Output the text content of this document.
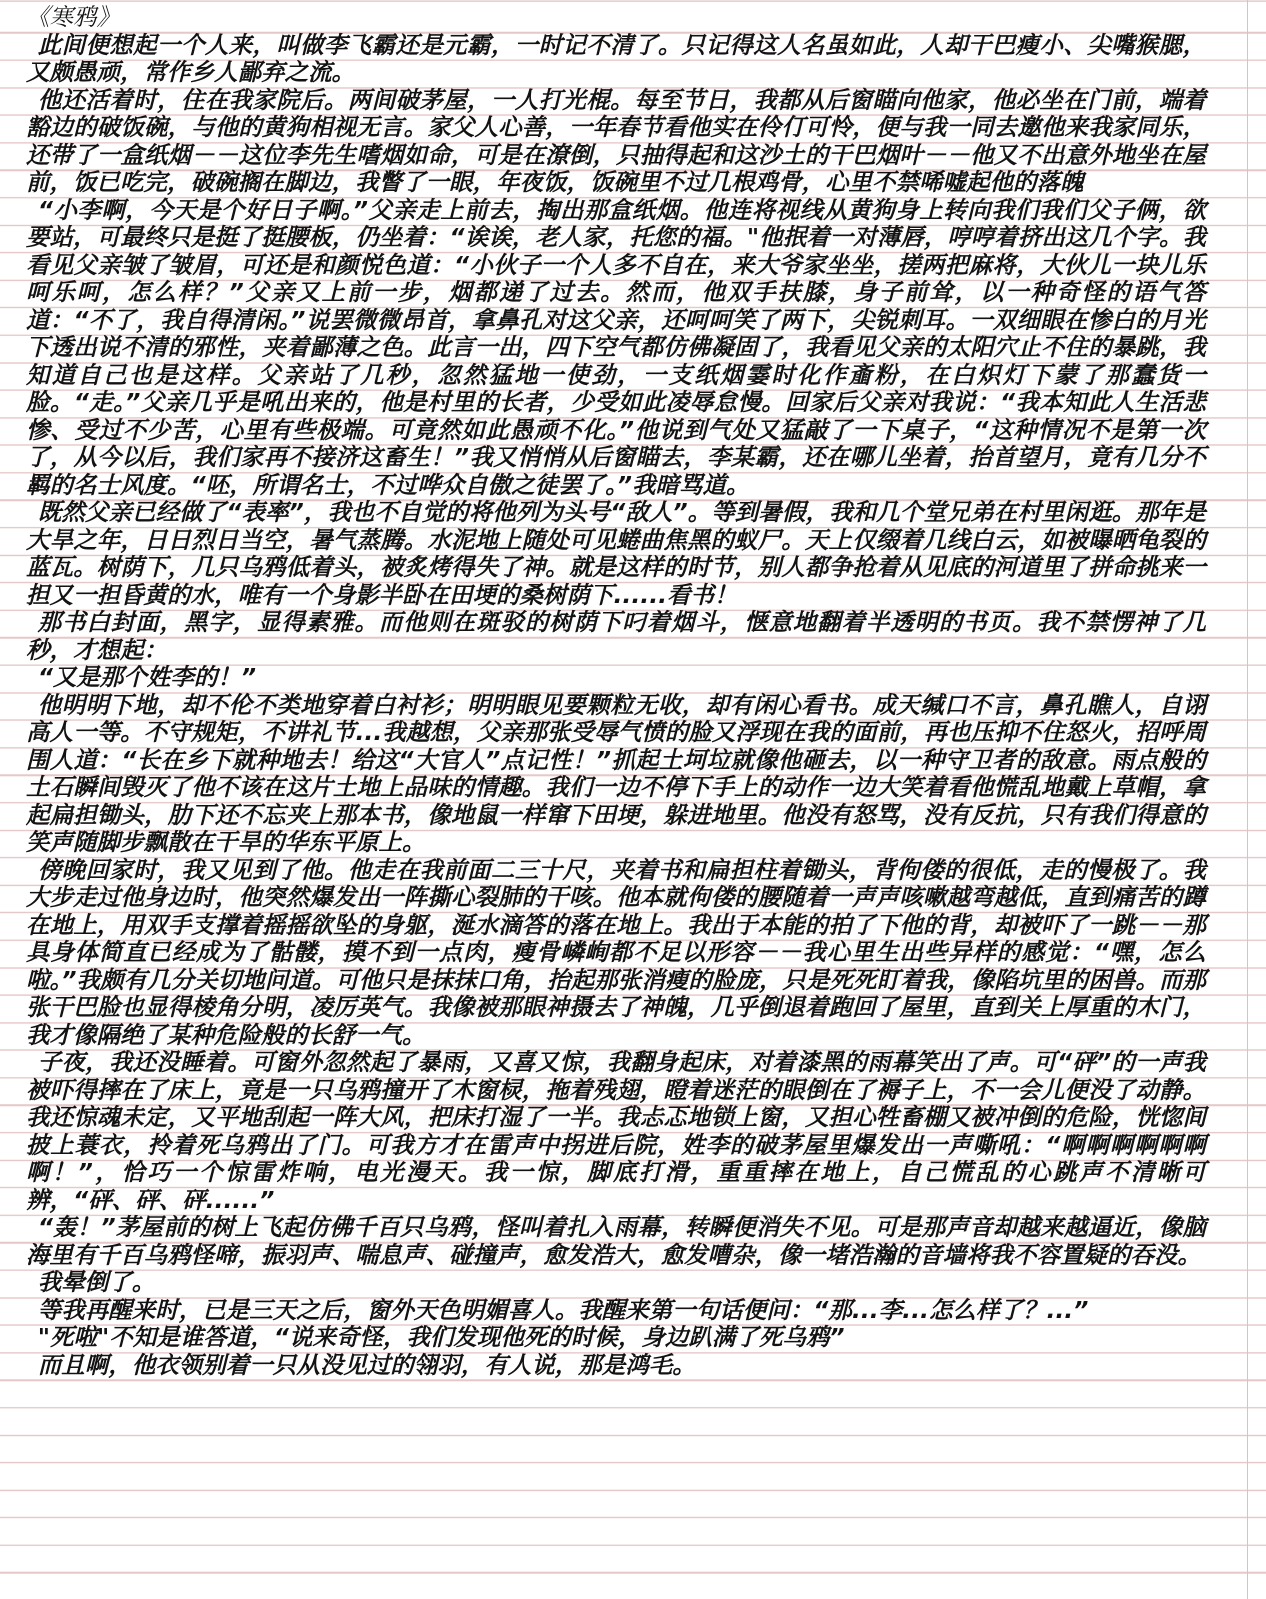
《寒鸦》
此间便想起一个人来，叫做李飞霸还是元霸，一时记不清了。只记得这人名虽如此，人却干巴瘦小、尖嘴猴腮，又颇愚顽，常作乡人鄙弃之流。
他还活着时，住在我家院后。两间破茅屋，一人打光棍。每至节日，我都从后窗瞄向他家，他必坐在门前，端着豁边的破饭碗，与他的黄狗相视无言。家父人心善，一年春节看他实在伶仃可怜，便与我一同去邀他来我家同乐，还带了一盒纸烟－－这位李先生嗜烟如命，可是在潦倒，只抽得起和这沙土的干巴烟叶－－他又不出意外地坐在屋前，饭已吃完，破碗搁在脚边，我瞥了一眼，年夜饭，饭碗里不过几根鸡骨，心里不禁唏嘘起他的落魄
“小李啊，今天是个好日子啊。”父亲走上前去，掏出那盒纸烟。他连将视线从黄狗身上转向我们我们父子俩，欲要站，可最终只是挺了挺腰板，仍坐着：“诶诶，老人家，托您的福。"他抿着一对薄唇，哼哼着挤出这几个字。我看见父亲皱了皱眉，可还是和颜悦色道：“小伙子一个人多不自在，来大爷家坐坐，搓两把麻将，大伙儿一块儿乐呵乐呵，怎么样？”父亲又上前一步，烟都递了过去。然而，他双手扶膝，身子前耸，以一种奇怪的语气答道：“不了，我自得清闲。”说罢微微昂首，拿鼻孔对这父亲，还呵呵笑了两下，尖锐刺耳。一双细眼在惨白的月光下透出说不清的邪性，夹着鄙薄之色。此言一出，四下空气都仿佛凝固了，我看见父亲的太阳穴止不住的暴跳，我知道自己也是这样。父亲站了几秒，忽然猛地一使劲，一支纸烟霎时化作齑粉，在白炽灯下蒙了那蠢货一脸。“走。”父亲几乎是吼出来的，他是村里的长者，少受如此凌辱怠慢。回家后父亲对我说：“我本知此人生活悲惨、受过不少苦，心里有些极端。可竟然如此愚顽不化。”他说到气处又猛敲了一下桌子，“这种情况不是第一次了，从今以后，我们家再不接济这畜生！”我又悄悄从后窗瞄去，李某霸，还在哪儿坐着，抬首望月，竟有几分不羁的名士风度。“呸，所谓名士，不过哗众自傲之徒罢了。”我暗骂道。
既然父亲已经做了“表率”，我也不自觉的将他列为头号“敌人”。等到暑假，我和几个堂兄弟在村里闲逛。那年是大旱之年，日日烈日当空，暑气蒸腾。水泥地上随处可见蜷曲焦黑的蚁尸。天上仅缀着几线白云，如被曝晒龟裂的蓝瓦。树荫下，几只乌鸦低着头，被炙烤得失了神。就是这样的时节，别人都争抢着从见底的河道里了拼命挑来一担又一担昏黄的水，唯有一个身影半卧在田埂的桑树荫下......看书！
那书白封面，黑字，显得素雅。而他则在斑驳的树荫下叼着烟斗，惬意地翻着半透明的书页。我不禁愣神了几秒，才想起：
“又是那个姓李的！”
他明明下地，却不伦不类地穿着白衬衫；明明眼见要颗粒无收，却有闲心看书。成天缄口不言，鼻孔瞧人，自诩高人一等。不守规矩，不讲礼节...我越想，父亲那张受辱气愤的脸又浮现在我的面前，再也压抑不住怒火，招呼周围人道：“长在乡下就种地去！给这“大官人”点记性！”抓起土坷垃就像他砸去，以一种守卫者的敌意。雨点般的土石瞬间毁灭了他不该在这片土地上品味的情趣。我们一边不停下手上的动作一边大笑着看他慌乱地戴上草帽，拿起扁担锄头，肋下还不忘夹上那本书，像地鼠一样窜下田埂，躲进地里。他没有怒骂，没有反抗，只有我们得意的笑声随脚步飘散在干旱的华东平原上。
傍晚回家时，我又见到了他。他走在我前面二三十尺，夹着书和扁担柱着锄头，背佝偻的很低，走的慢极了。我大步走过他身边时，他突然爆发出一阵撕心裂肺的干咳。他本就佝偻的腰随着一声声咳嗽越弯越低，直到痛苦的蹲在地上，用双手支撑着摇摇欲坠的身躯，涎水滴答的落在地上。我出于本能的拍了下他的背，却被吓了一跳－－那具身体简直已经成为了骷髅，摸不到一点肉，瘦骨嶙峋都不足以形容－－我心里生出些异样的感觉：“嘿，怎么啦。”我颇有几分关切地问道。可他只是抹抹口角，抬起那张消瘦的脸庞，只是死死盯着我，像陷坑里的困兽。而那张干巴脸也显得棱角分明，凌厉英气。我像被那眼神摄去了神魄，几乎倒退着跑回了屋里，直到关上厚重的木门，我才像隔绝了某种危险般的长舒一气。
子夜，我还没睡着。可窗外忽然起了暴雨，又喜又惊，我翻身起床，对着漆黑的雨幕笑出了声。可“砰”的一声我被吓得摔在了床上，竟是一只乌鸦撞开了木窗棂，拖着残翅，瞪着迷茫的眼倒在了褥子上，不一会儿便没了动静。我还惊魂未定，又平地刮起一阵大风，把床打湿了一半。我忐忑地锁上窗，又担心牲畜棚又被冲倒的危险，恍惚间披上蓑衣，拎着死乌鸦出了门。可我方才在雷声中拐进后院，姓李的破茅屋里爆发出一声嘶吼：“啊啊啊啊啊啊啊！”，恰巧一个惊雷炸响，电光漫天。我一惊，脚底打滑，重重摔在地上，自己慌乱的心跳声不清晰可辨，“砰、砰、砰......”
“轰！”茅屋前的树上飞起仿佛千百只乌鸦，怪叫着扎入雨幕，转瞬便消失不见。可是那声音却越来越逼近，像脑海里有千百乌鸦怪啼，振羽声、喘息声、碰撞声，愈发浩大，愈发嘈杂，像一堵浩瀚的音墙将我不容置疑的吞没。
我晕倒了。
等我再醒来时，已是三天之后，窗外天色明媚喜人。我醒来第一句话便问：“那...李...怎么样了？...”
"死啦"不知是谁答道，“说来奇怪，我们发现他死的时候，身边趴满了死乌鸦”
而且啊，他衣领别着一只从没见过的翎羽，有人说，那是鸿毛。
